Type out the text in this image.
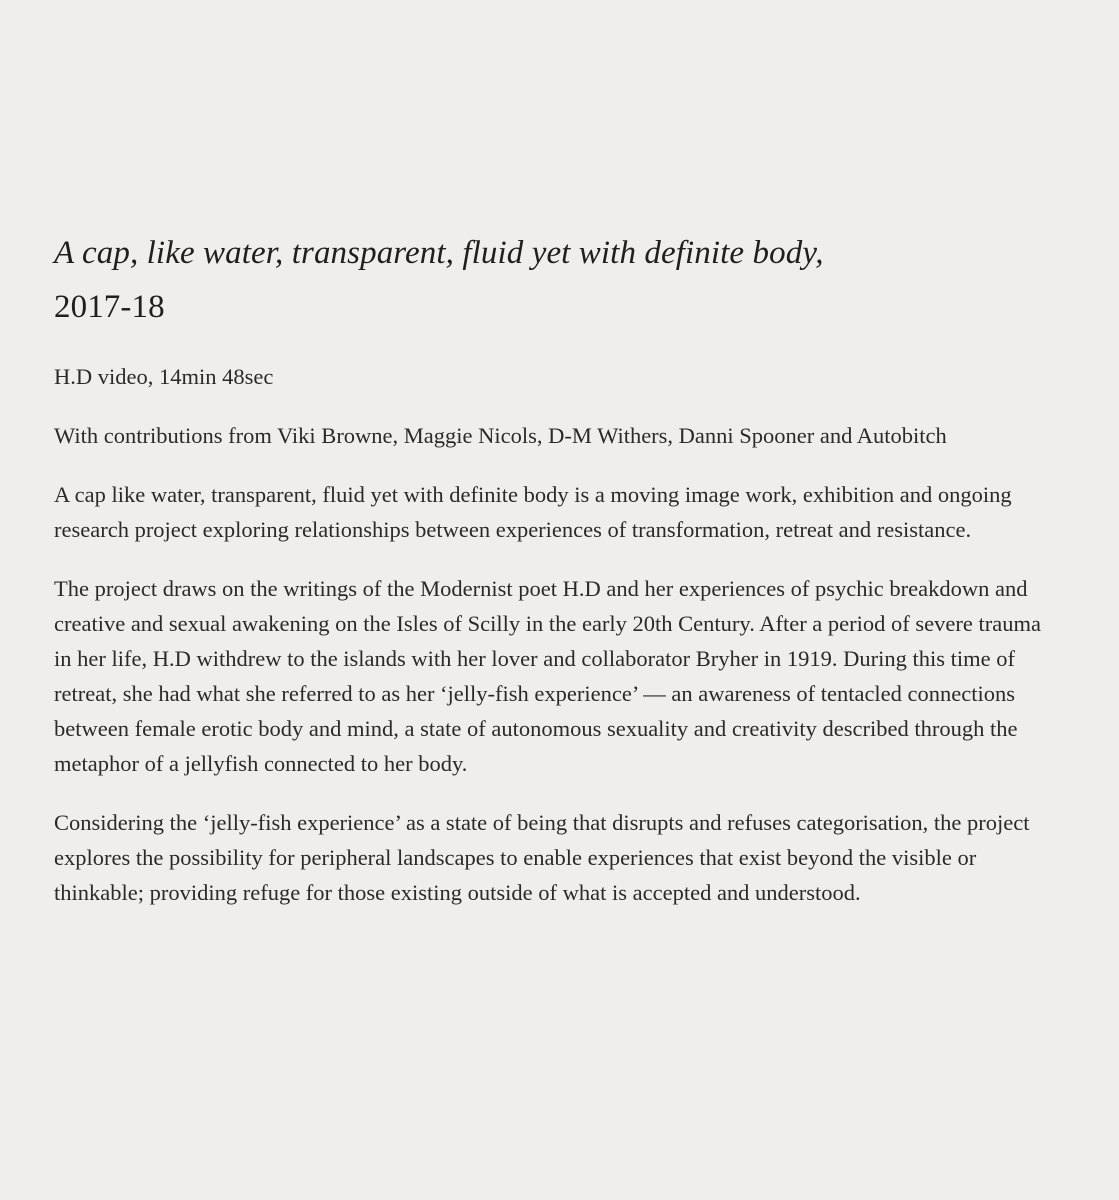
A cap, like water, transparent, fluid yet with definite body,
2017-18

H.D video, 14min 48sec

With contributions from Viki Browne, Maggie Nicols, D-M Withers, Danni Spooner and Autobitch

A cap like water, transparent, fluid yet with definite body is a moving image work, exhibition and ongoing research project exploring relationships between experiences of transformation, retreat and resistance.

The project draws on the writings of the Modernist poet H.D and her experiences of psychic breakdown and creative and sexual awakening on the Isles of Scilly in the early 20th Century. After a period of severe trauma in her life, H.D withdrew to the islands with her lover and collaborator Bryher in 1919. During this time of retreat, she had what she referred to as her ‘jelly-fish experience’ — an awareness of tentacled connections between female erotic body and mind, a state of autonomous sexuality and creativity described through the metaphor of a jellyfish connected to her body.

Considering the ‘jelly-fish experience’ as a state of being that disrupts and refuses categorisation, the project explores the possibility for peripheral landscapes to enable experiences that exist beyond the visible or thinkable; providing refuge for those existing outside of what is accepted and understood.
